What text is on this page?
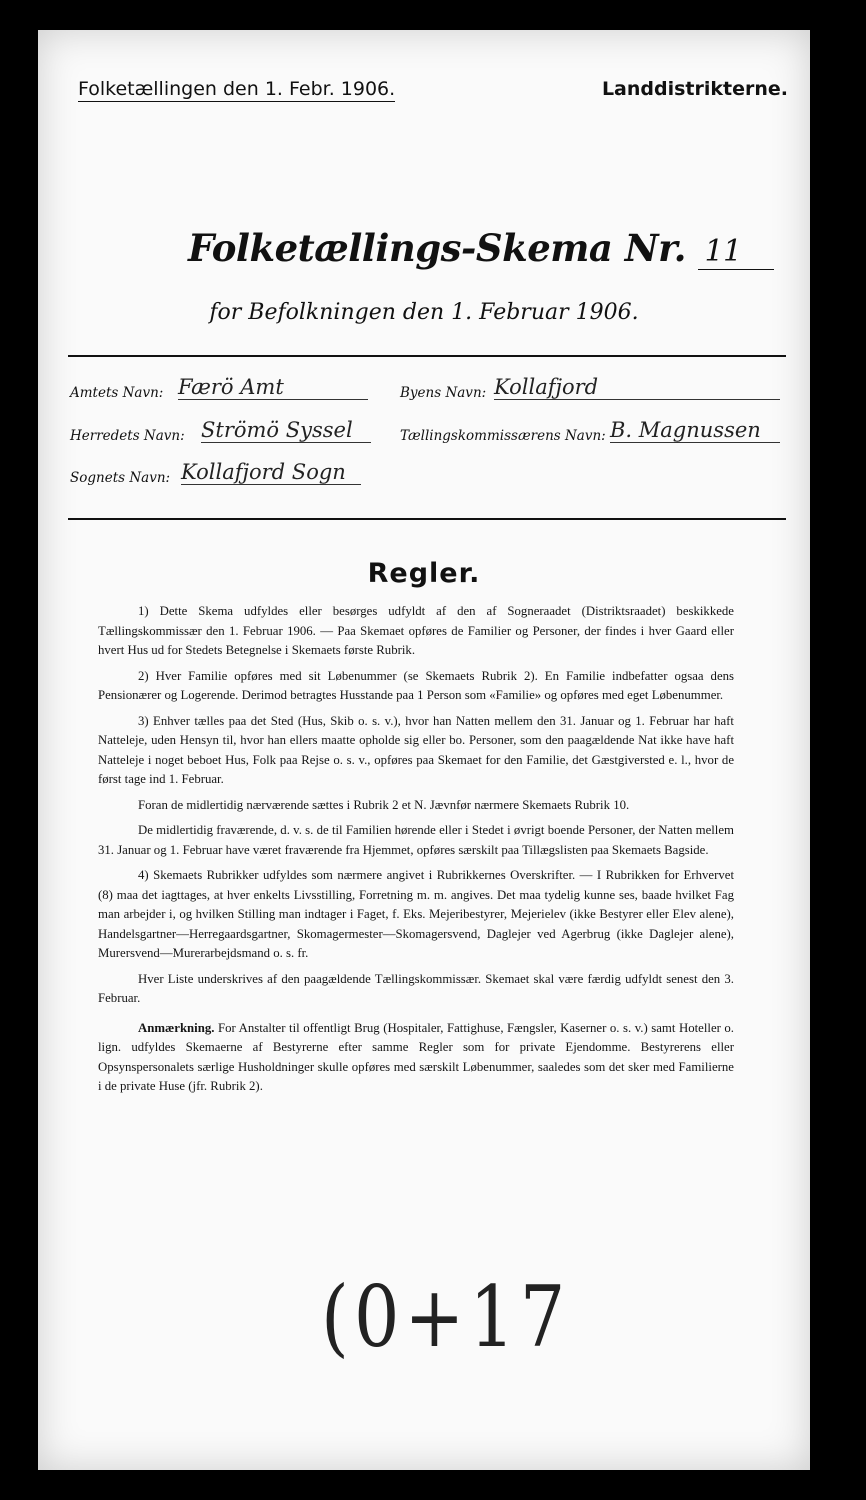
Folketællingen den 1. Febr. 1906.	Landdistrikterne.
Folketællings-Skema Nr. 11
for Befolkningen den 1. Februar 1906.
Amtets Navn: Færö Amt	Byens Navn: Kollafjord
Herredets Navn: Strömö Syssel	Tællingskommissærens Navn: B. Magnussen
Sognets Navn: Kollafjord Sogn
Regler.

1) Dette Skema udfyldes eller besørges udfyldt af den af Sogneraadet (Distriktsraadet) beskikkede Tællingskommissær den 1. Februar 1906. — Paa Skemaet opføres de Familier og Personer, der findes i hver Gaard eller hvert Hus ud for Stedets Betegnelse i Skemaets første Rubrik.

2) Hver Familie opføres med sit Løbenummer (se Skemaets Rubrik 2). En Familie indbefatter ogsaa dens Pensionærer og Logerende. Derimod betragtes Husstande paa 1 Person som «Familie» og opføres med eget Løbenummer.

3) Enhver tælles paa det Sted (Hus, Skib o. s. v.), hvor han Natten mellem den 31. Januar og 1. Februar har haft Natteleje, uden Hensyn til, hvor han ellers maatte opholde sig eller bo. Personer, som den paagældende Nat ikke have haft Natteleje i noget beboet Hus, Folk paa Rejse o. s. v., opføres paa Skemaet for den Familie, det Gæstgiversted e. l., hvor de først tage ind 1. Februar.

Foran de midlertidig nærværende sættes i Rubrik 2 et N. Jævnfør nærmere Skemaets Rubrik 10.

De midlertidig fraværende, d. v. s. de til Familien hørende eller i Stedet i øvrigt boende Personer, der Natten mellem 31. Januar og 1. Februar have været fraværende fra Hjemmet, opføres særskilt paa Tillægslisten paa Skemaets Bagside.

4) Skemaets Rubrikker udfyldes som nærmere angivet i Rubrikkernes Overskrifter. — I Rubrikken for Erhvervet (8) maa det iagttages, at hver enkelts Livsstilling, Forretning m. m. angives. Det maa tydelig kunne ses, baade hvilket Fag man arbejder i, og hvilken Stilling man indtager i Faget, f. Eks. Mejeribestyrer, Mejerielev (ikke Bestyrer eller Elev alene), Handelsgartner—Herregaardsgartner, Skomagermester—Skomagersvend, Daglejer ved Agerbrug (ikke Daglejer alene), Murersvend—Murerarbejdsmand o. s. fr.

Hver Liste underskrives af den paagældende Tællingskommissær. Skemaet skal være færdig udfyldt senest den 3. Februar.

Anmærkning. For Anstalter til offentligt Brug (Hospitaler, Fattighuse, Fængsler, Kaserner o. s. v.) samt Hoteller o. lign. udfyldes Skemaerne af Bestyrerne efter samme Regler som for private Ejendomme. Bestyrerens eller Opsynspersonalets særlige Husholdninger skulle opføres med særskilt Løbenummer, saaledes som det sker med Familierne i de private Huse (jfr. Rubrik 2).

(0+17
